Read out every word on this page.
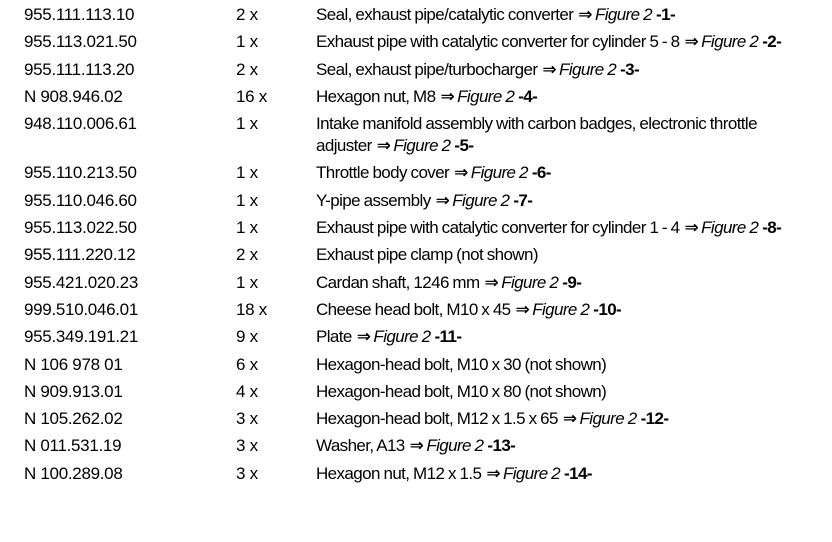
955.111.113.10	2 x	Seal, exhaust pipe/catalytic converter ⇒ Figure 2 -1-
955.113.021.50	1 x	Exhaust pipe with catalytic converter for cylinder 5 - 8 ⇒ Figure 2 -2-
955.111.113.20	2 x	Seal, exhaust pipe/turbocharger ⇒ Figure 2 -3-
N 908.946.02	16 x	Hexagon nut, M8 ⇒ Figure 2 -4-
948.110.006.61	1 x	Intake manifold assembly with carbon badges, electronic throttle adjuster ⇒ Figure 2 -5-
955.110.213.50	1 x	Throttle body cover ⇒ Figure 2 -6-
955.110.046.60	1 x	Y-pipe assembly ⇒ Figure 2 -7-
955.113.022.50	1 x	Exhaust pipe with catalytic converter for cylinder 1 - 4 ⇒ Figure 2 -8-
955.111.220.12	2 x	Exhaust pipe clamp (not shown)
955.421.020.23	1 x	Cardan shaft, 1246 mm ⇒ Figure 2 -9-
999.510.046.01	18 x	Cheese head bolt, M10 x 45 ⇒ Figure 2 -10-
955.349.191.21	9 x	Plate ⇒ Figure 2 -11-
N 106 978 01	6 x	Hexagon-head bolt, M10 x 30 (not shown)
N 909.913.01	4 x	Hexagon-head bolt, M10 x 80 (not shown)
N 105.262.02	3 x	Hexagon-head bolt, M12 x 1.5 x 65 ⇒ Figure 2 -12-
N 011.531.19	3 x	Washer, A13 ⇒ Figure 2 -13-
N 100.289.08	3 x	Hexagon nut, M12 x 1.5 ⇒ Figure 2 -14-
